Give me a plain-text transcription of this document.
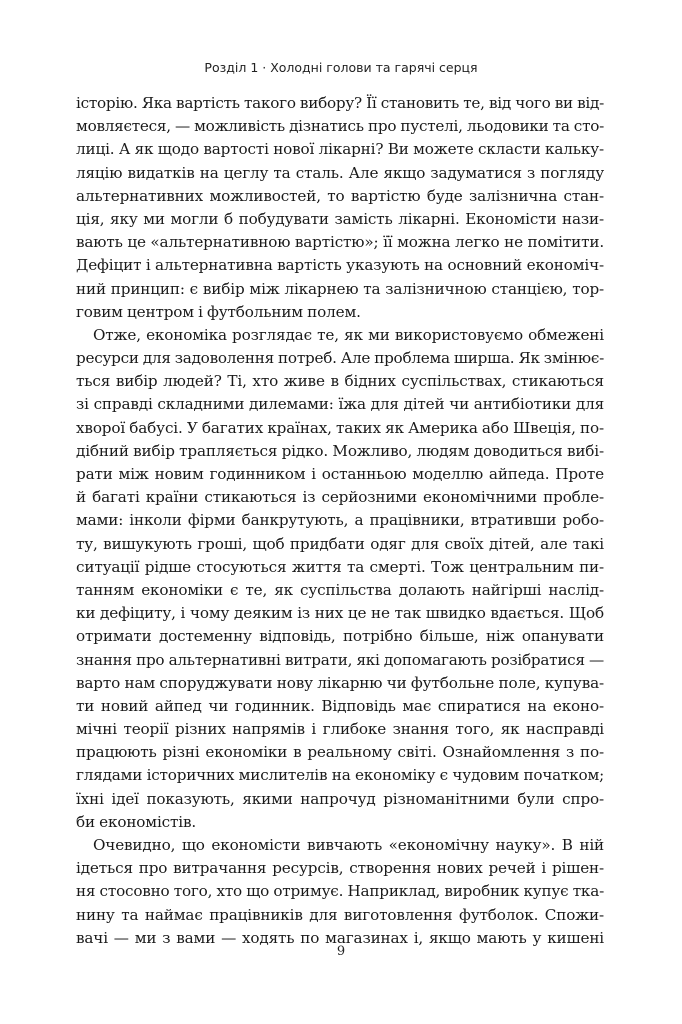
Розділ 1 · Холодні голови та гарячі серця
історію. Яка вартість такого вибору? Її становить те, від чого ви від-
мовляєтеся, — можливість дізнатись про пустелі, льодовики та сто-
лиці. А як щодо вартості нової лікарні? Ви можете скласти кальку-
ляцію видатків на цеглу та сталь. Але якщо задуматися з погляду
альтернативних можливостей, то вартістю буде залізнична стан-
ція, яку ми могли б побудувати замість лікарні. Економісти нази-
вають це «альтернативною вартістю»; її можна легко не помітити.
Дефіцит і альтернативна вартість указують на основний економіч-
ний принцип: є вибір між лікарнею та залізничною станцією, тор-
говим центром і футбольним полем.
Отже, економіка розглядає те, як ми використовуємо обмежені
ресурси для задоволення потреб. Але проблема ширша. Як змінює-
ться вибір людей? Ті, хто живе в бідних суспільствах, стикаються
зі справді складними дилемами: їжа для дітей чи антибіотики для
хворої бабусі. У багатих країнах, таких як Америка або Швеція, по-
дібний вибір трапляється рідко. Можливо, людям доводиться вибі-
рати між новим годинником і останньою моделлю айпеда. Проте
й багаті країни стикаються із серйозними економічними пробле-
мами: інколи фірми банкрутують, а працівники, втративши робо-
ту, вишукують гроші, щоб придбати одяг для своїх дітей, але такі
ситуації рідше стосуються життя та смерті. Тож центральним пи-
танням економіки є те, як суспільства долають найгірші наслід-
ки дефіциту, і чому деяким із них це не так швидко вдається. Щоб
отримати достеменну відповідь, потрібно більше, ніж опанувати
знання про альтернативні витрати, які допомагають розібратися —
варто нам споруджувати нову лікарню чи футбольне поле, купува-
ти новий айпед чи годинник. Відповідь має спиратися на еконо-
мічні теорії різних напрямів і глибоке знання того, як насправді
працюють різні економіки в реальному світі. Ознайомлення з по-
глядами історичних мислителів на економіку є чудовим початком;
їхні ідеї показують, якими напрочуд різноманітними були спро-
би економістів.
Очевидно, що економісти вивчають «економічну науку». В ній
ідеться про витрачання ресурсів, створення нових речей і рішен-
ня стосовно того, хто що отримує. Наприклад, виробник купує тка-
нину та наймає працівників для виготовлення футболок. Спожи-
вачі — ми з вами — ходять по магазинах і, якщо мають у кишені
9
